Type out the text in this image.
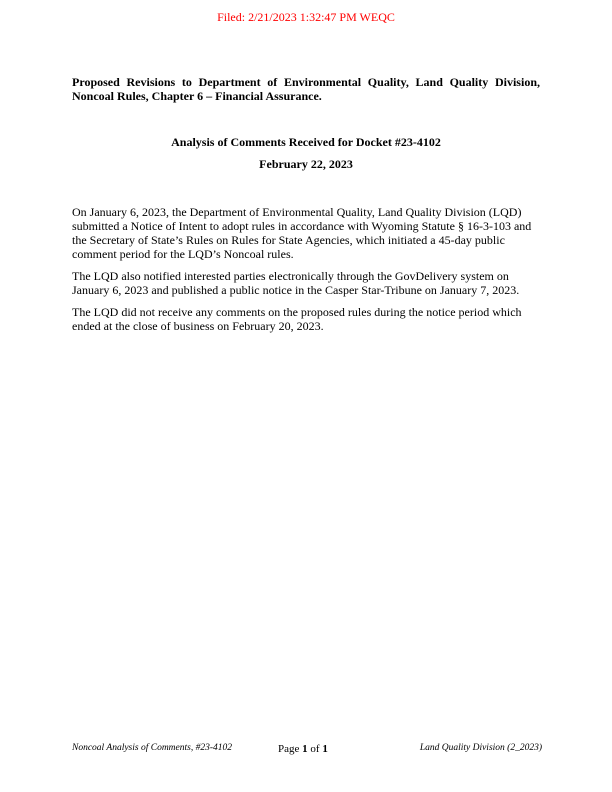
Filed: 2/21/2023 1:32:47 PM WEQC
Proposed Revisions to Department of Environmental Quality, Land Quality Division, Noncoal Rules, Chapter 6 – Financial Assurance.
Analysis of Comments Received for Docket #23-4102
February 22, 2023

On January 6, 2023, the Department of Environmental Quality, Land Quality Division (LQD) submitted a Notice of Intent to adopt rules in accordance with Wyoming Statute § 16-3-103 and the Secretary of State’s Rules on Rules for State Agencies, which initiated a 45-day public comment period for the LQD’s Noncoal rules.

The LQD also notified interested parties electronically through the GovDelivery system on January 6, 2023 and published a public notice in the Casper Star-Tribune on January 7, 2023.

The LQD did not receive any comments on the proposed rules during the notice period which ended at the close of business on February 20, 2023.

Noncoal Analysis of Comments, #23-4102	Page 1 of 1	Land Quality Division (2_2023)
